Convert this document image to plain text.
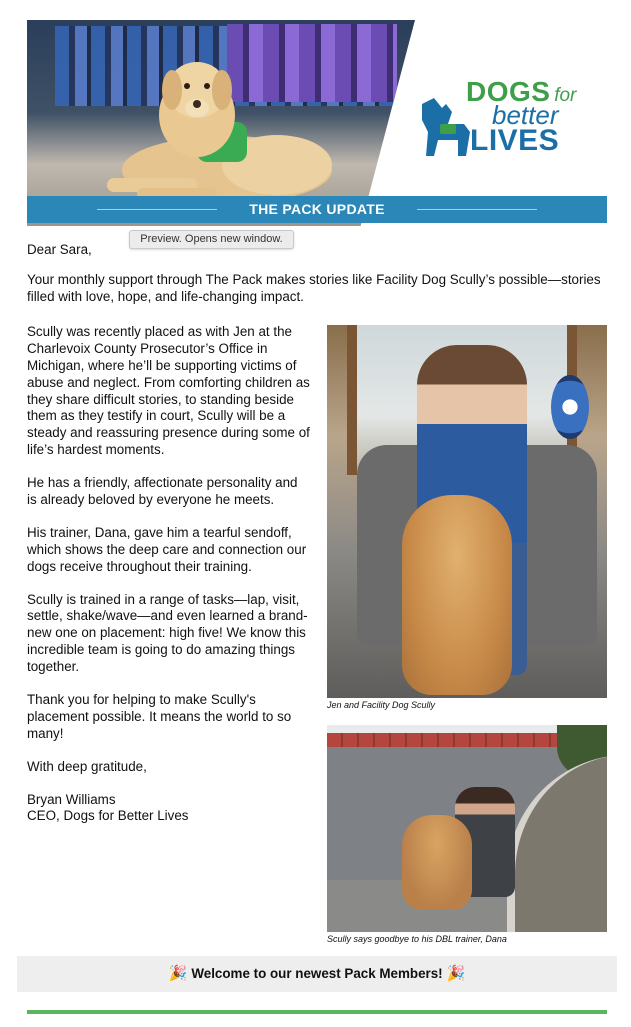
DOGS for
better
LIVES
THE PACK UPDATE
Preview. Opens new window.
Dear Sara,

Your monthly support through The Pack makes stories like Facility Dog Scully’s possible—stories filled with love, hope, and life-changing impact.

Scully was recently placed as with Jen at the Charlevoix County Prosecutor’s Office in Michigan, where he’ll be supporting victims of abuse and neglect. From comforting children as they share difficult stories, to standing beside them as they testify in court, Scully will be a steady and reassuring presence during some of life’s hardest moments.

He has a friendly, affectionate personality and is already beloved by everyone he meets.

His trainer, Dana, gave him a tearful sendoff, which shows the deep care and connection our dogs receive throughout their training.

Scully is trained in a range of tasks—lap, visit, settle, shake/wave—and even learned a brand-new one on placement: high five! We know this incredible team is going to do amazing things together.

Thank you for helping to make Scully's placement possible. It means the world to so many!

With deep gratitude,

Bryan Williams
CEO, Dogs for Better Lives

Jen and Facility Dog Scully
Scully says goodbye to his DBL trainer, Dana
🎉 Welcome to our newest Pack Members! 🎉
